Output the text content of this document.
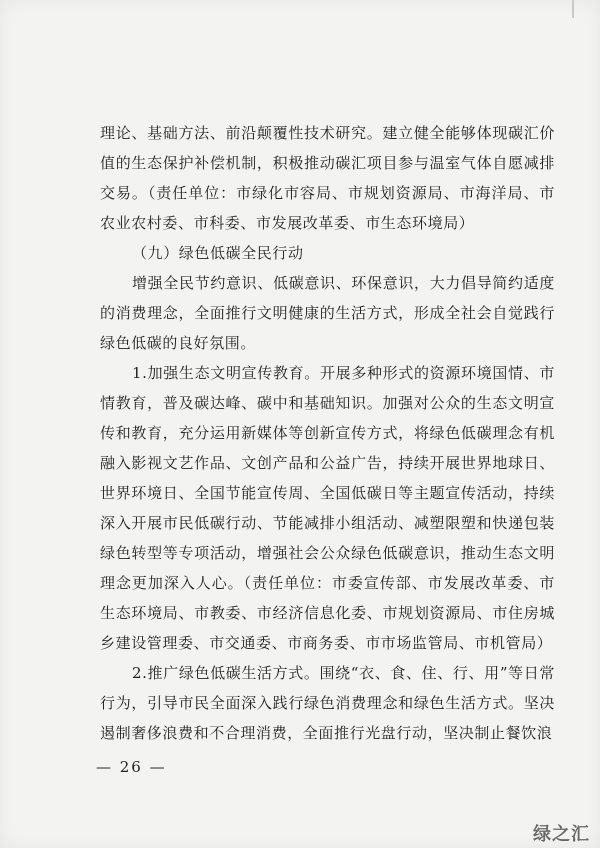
理论、基础方法、前沿颠覆性技术研究。建立健全能够体现碳汇价值的生态保护补偿机制，积极推动碳汇项目参与温室气体自愿减排交易。（责任单位：市绿化市容局、市规划资源局、市海洋局、市农业农村委、市科委、市发展改革委、市生态环境局）

（九）绿色低碳全民行动

增强全民节约意识、低碳意识、环保意识，大力倡导简约适度的消费理念，全面推行文明健康的生活方式，形成全社会自觉践行绿色低碳的良好氛围。

1.加强生态文明宣传教育。开展多种形式的资源环境国情、市情教育，普及碳达峰、碳中和基础知识。加强对公众的生态文明宣传和教育，充分运用新媒体等创新宣传方式，将绿色低碳理念有机融入影视文艺作品、文创产品和公益广告，持续开展世界地球日、世界环境日、全国节能宣传周、全国低碳日等主题宣传活动，持续深入开展市民低碳行动、节能减排小组活动、减塑限塑和快递包装绿色转型等专项活动，增强社会公众绿色低碳意识，推动生态文明理念更加深入人心。（责任单位：市委宣传部、市发展改革委、市生态环境局、市教委、市经济信息化委、市规划资源局、市住房城乡建设管理委、市交通委、市商务委、市市场监管局、市机管局）

2.推广绿色低碳生活方式。围绕“衣、食、住、行、用”等日常行为，引导市民全面深入践行绿色消费理念和绿色生活方式。坚决遏制奢侈浪费和不合理消费，全面推行光盘行动，坚决制止餐饮浪

— 26 —
绿之汇
